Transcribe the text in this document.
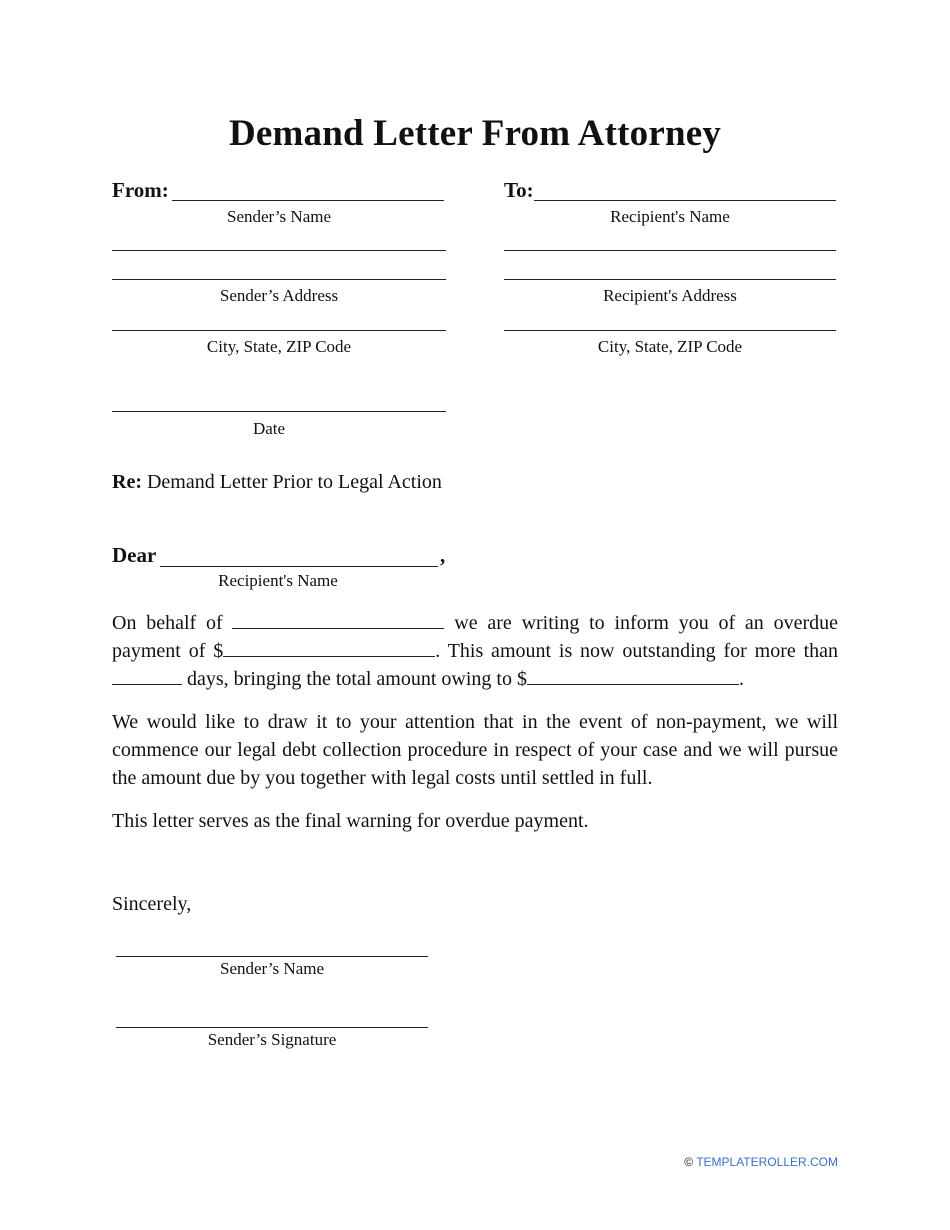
Demand Letter From Attorney
From:
Sender’s Name
Sender’s Address
City, State, ZIP Code
Date
To:
Recipient's Name
Recipient's Address
City, State, ZIP Code
Re: Demand Letter Prior to Legal Action
Dear	,
Recipient's Name
On behalf of	we are writing to inform you of an overdue
payment of $	. This amount is now outstanding for more than
days, bringing the total amount owing to $	.
We would like to draw it to your attention that in the event of non-payment, we will commence our legal debt collection procedure in respect of your case and we will pursue the amount due by you together with legal costs until settled in full.
This letter serves as the final warning for overdue payment.
Sincerely,
Sender’s Name
Sender’s Signature
© TEMPLATEROLLER.COM
